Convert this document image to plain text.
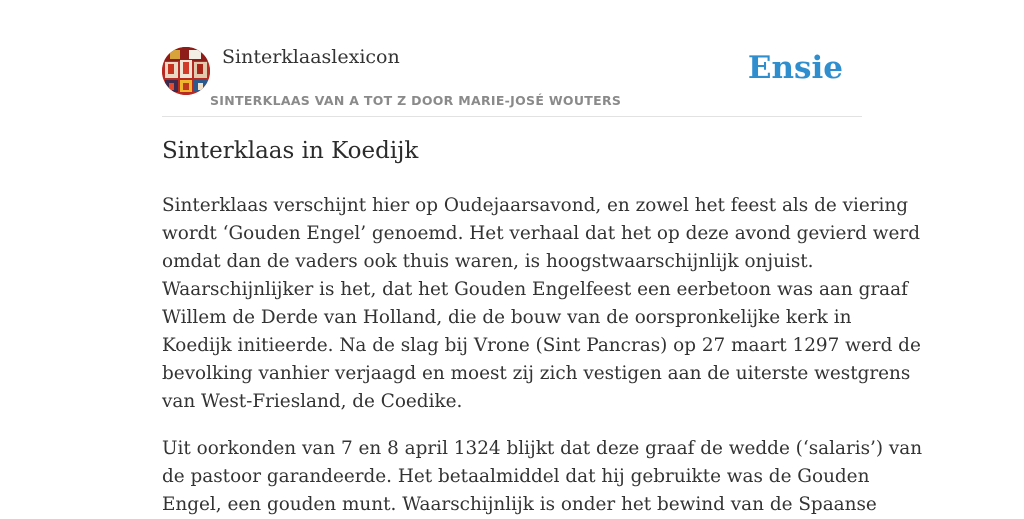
Sinterklaaslexicon
SINTERKLAAS VAN A TOT Z DOOR MARIE-JOSÉ WOUTERS
Ensie
Sinterklaas in Koedijk

Sinterklaas verschijnt hier op Oudejaarsavond, en zowel het feest als de viering
wordt ‘Gouden Engel’ genoemd. Het verhaal dat het op deze avond gevierd werd
omdat dan de vaders ook thuis waren, is hoogstwaarschijnlijk onjuist.
Waarschijnlijker is het, dat het Gouden Engelfeest een eerbetoon was aan graaf
Willem de Derde van Holland, die de bouw van de oorspronkelijke kerk in
Koedijk initieerde. Na de slag bij Vrone (Sint Pancras) op 27 maart 1297 werd de
bevolking vanhier verjaagd en moest zij zich vestigen aan de uiterste westgrens
van West-Friesland, de Coedike.

Uit oorkonden van 7 en 8 april 1324 blijkt dat deze graaf de wedde (‘salaris’) van
de pastoor garandeerde. Het betaalmiddel dat hij gebruikte was de Gouden
Engel, een gouden munt. Waarschijnlijk is onder het bewind van de Spaanse
